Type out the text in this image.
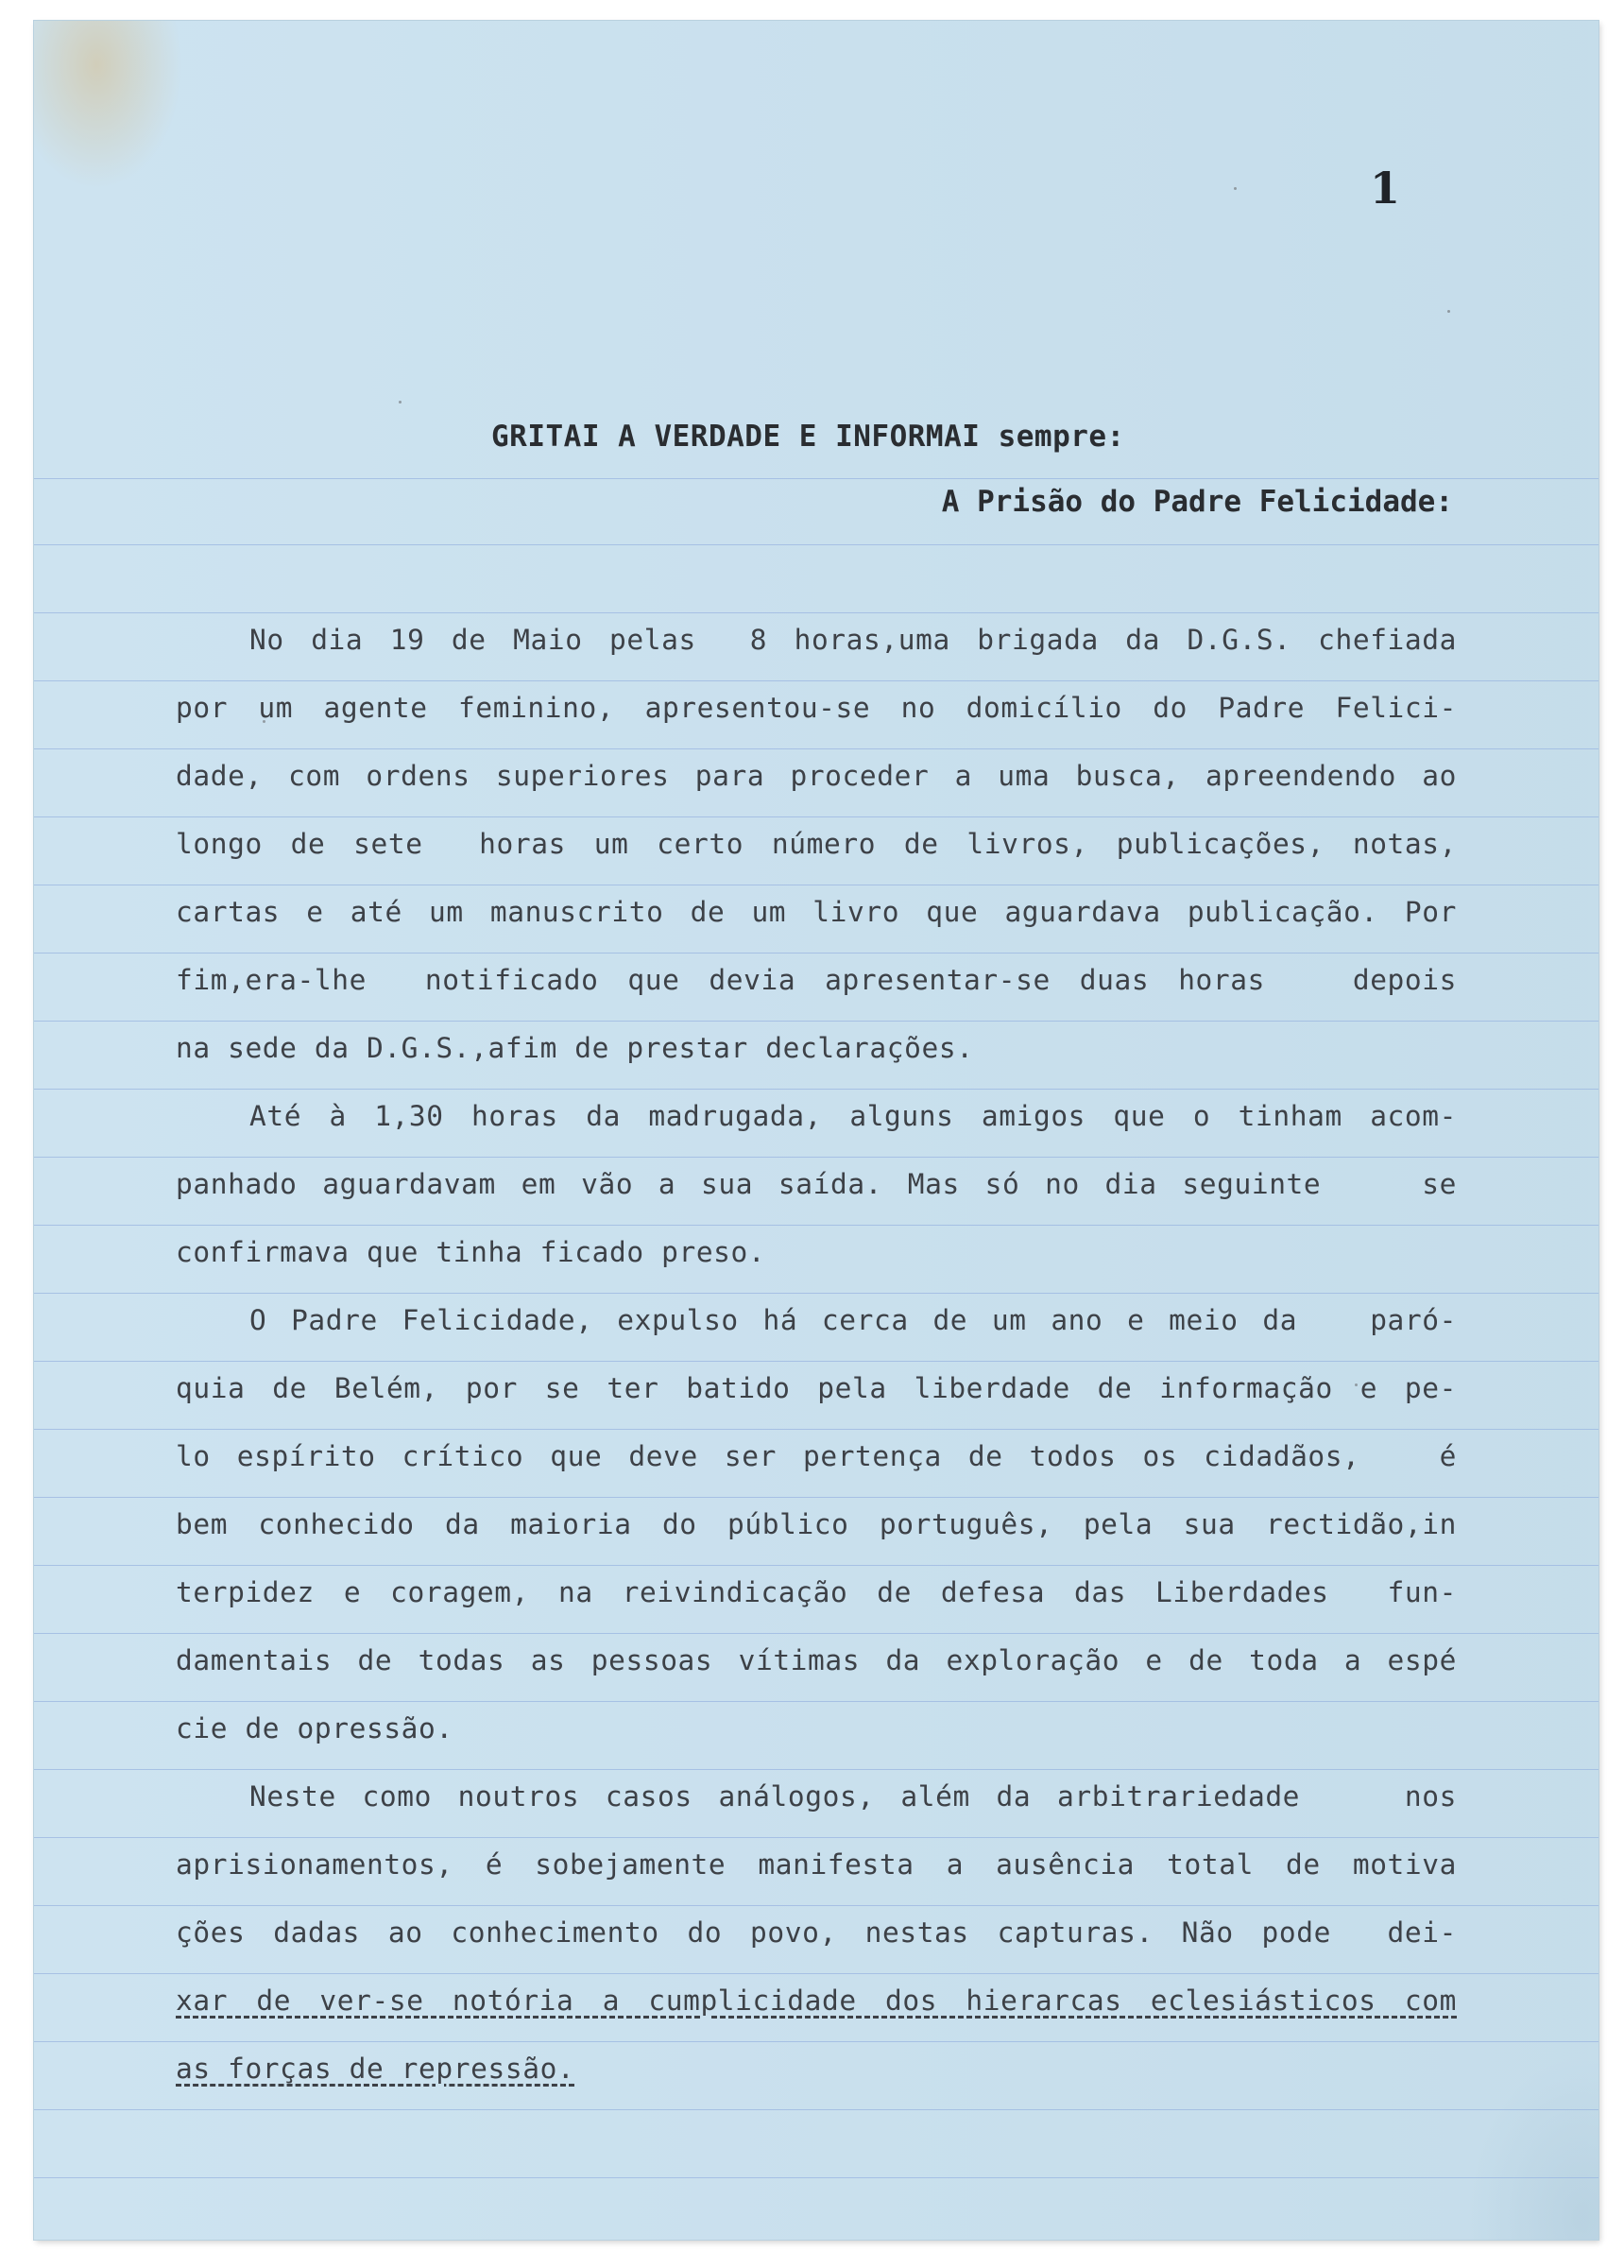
1
GRITAI A VERDADE E INFORMAI sempre:
A Prisão do Padre Felicidade:
No dia 19 de Maio pelas  8 horas,uma brigada da D.G.S. chefiada
por um agente feminino, apresentou-se no domicílio do Padre Felici-
dade, com ordens superiores para proceder a uma busca, apreendendo ao
longo de sete  horas um certo número de livros, publicações, notas,
cartas e até um manuscrito de um livro que aguardava publicação. Por
fim,era-lhe  notificado que devia apresentar-se duas horas   depois
na sede da D.G.S.,afim de prestar declarações.
Até à 1,30 horas da madrugada, alguns amigos que o tinham acom-
panhado aguardavam em vão a sua saída. Mas só no dia seguinte    se
confirmava que tinha ficado preso.
O Padre Felicidade, expulso há cerca de um ano e meio da   paró-
quia de Belém, por se ter batido pela liberdade de informação e pe-
lo espírito crítico que deve ser pertença de todos os cidadãos,   é
bem conhecido da maioria do público português, pela sua rectidão,in
terpidez e coragem, na reivindicação de defesa das Liberdades  fun-
damentais de todas as pessoas vítimas da exploração e de toda a espé
cie de opressão.
Neste como noutros casos análogos, além da arbitrariedade    nos
aprisionamentos, é sobejamente manifesta a ausência total de motiva
ções dadas ao conhecimento do povo, nestas capturas. Não pode  dei-
xar de ver-se notória a cumplicidade dos hierarcas eclesiásticos com
as forças de repressão.
